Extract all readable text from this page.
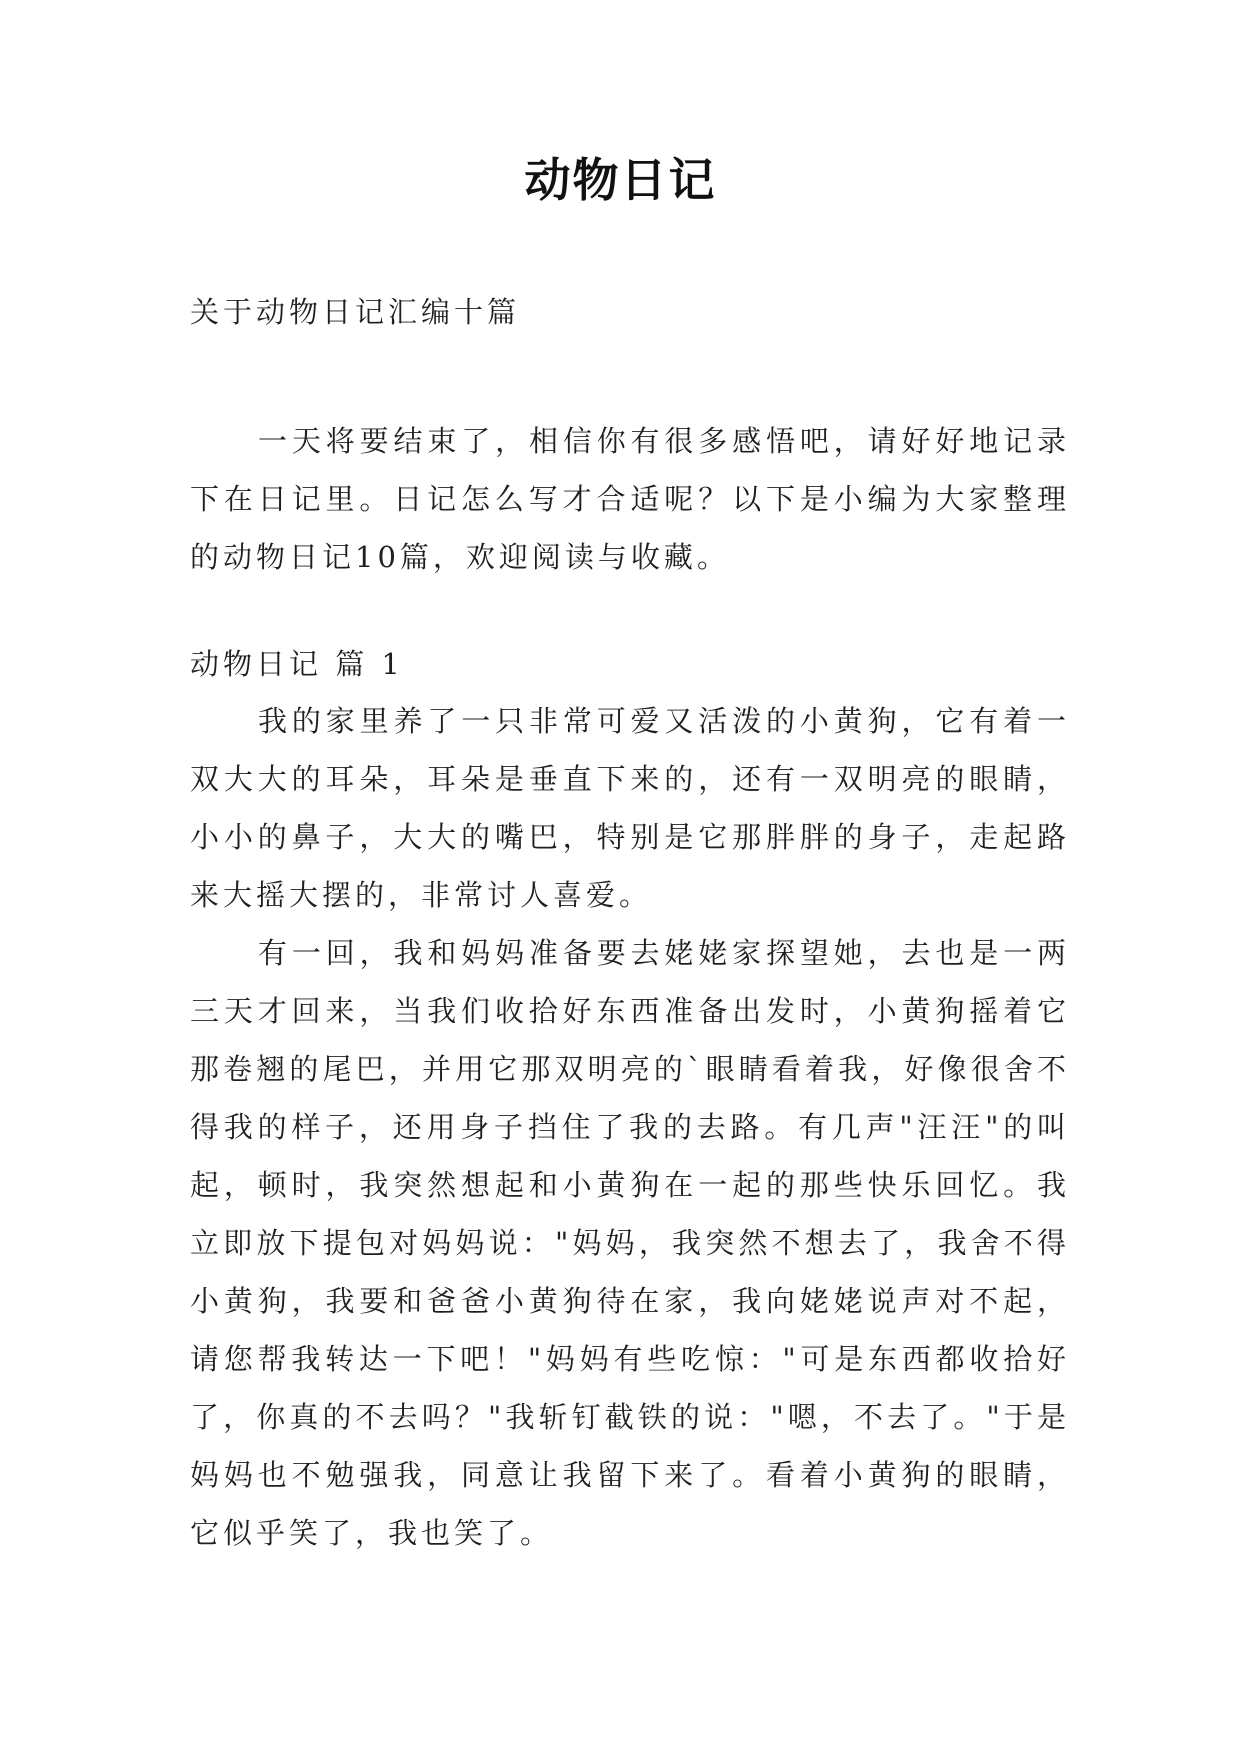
动物日记

关于动物日记汇编十篇

一天将要结束了，相信你有很多感悟吧，请好好地记录下在日记里。日记怎么写才合适呢？以下是小编为大家整理的动物日记10篇，欢迎阅读与收藏。

动物日记 篇 1

我的家里养了一只非常可爱又活泼的小黄狗，它有着一双大大的耳朵，耳朵是垂直下来的，还有一双明亮的眼睛，小小的鼻子，大大的嘴巴，特别是它那胖胖的身子，走起路来大摇大摆的，非常讨人喜爱。

有一回，我和妈妈准备要去姥姥家探望她，去也是一两三天才回来，当我们收拾好东西准备出发时，小黄狗摇着它那卷翘的尾巴，并用它那双明亮的`眼睛看着我，好像很舍不得我的样子，还用身子挡住了我的去路。有几声"汪汪"的叫起，顿时，我突然想起和小黄狗在一起的那些快乐回忆。我立即放下提包对妈妈说："妈妈，我突然不想去了，我舍不得小黄狗，我要和爸爸小黄狗待在家，我向姥姥说声对不起，请您帮我转达一下吧！"妈妈有些吃惊："可是东西都收拾好了，你真的不去吗？"我斩钉截铁的说："嗯，不去了。"于是妈妈也不勉强我，同意让我留下来了。看着小黄狗的眼睛，它似乎笑了，我也笑了。
